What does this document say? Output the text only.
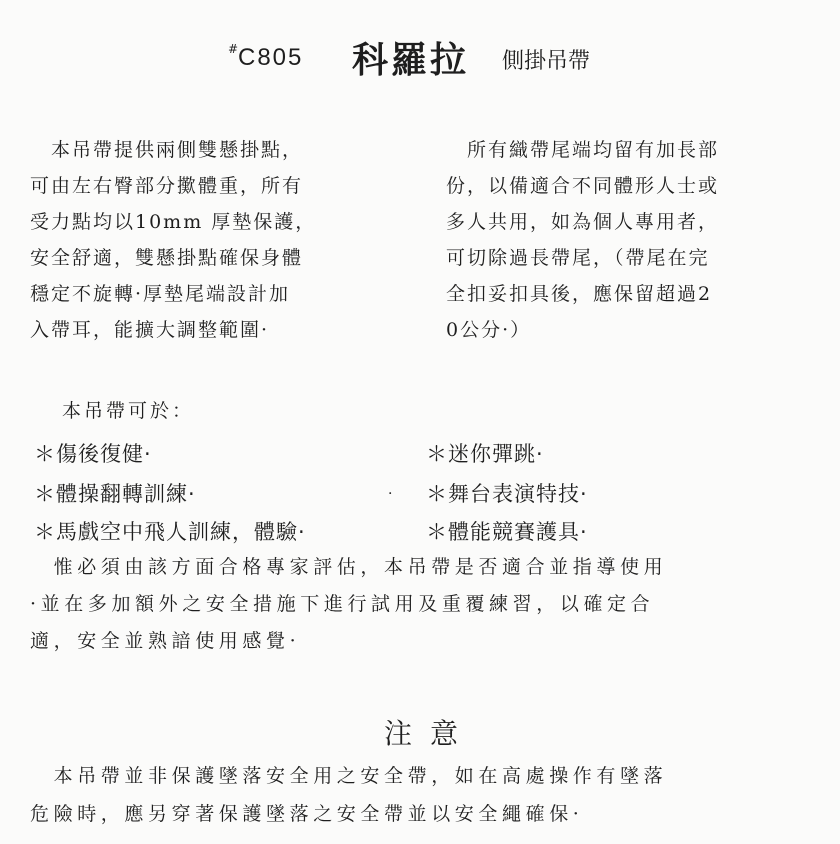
# C805 科羅拉 側掛吊帶
　本吊帶提供兩側雙懸掛點，
可由左右臀部分擹體重，所有
受力點均以10mm 厚墊保護，
安全舒適，雙懸掛點確保身體
穩定不旋轉·厚墊尾端設計加
入帶耳，能擴大調整範圍·
　所有織帶尾端均留有加長部
份，以備適合不同體形人士或
多人共用，如為個人專用者，
可切除過長帶尾，（帶尾在完
全扣妥扣具後，應保留超過2
0公分·）
本吊帶可於：
＊傷後復健·
＊體操翻轉訓練·
＊馬戲空中飛人訓練，體驗·
·
＊迷你彈跳·
＊舞台表演特技·
＊體能競賽護具·
　惟必須由該方面合格專家評估，本吊帶是否適合並指導使用
·並在多加額外之安全措施下進行試用及重覆練習，以確定合
適，安全並熟諳使用感覺·
注意
　本吊帶並非保護墜落安全用之安全帶，如在高處操作有墜落
危險時，應另穿著保護墜落之安全帶並以安全繩確保·
